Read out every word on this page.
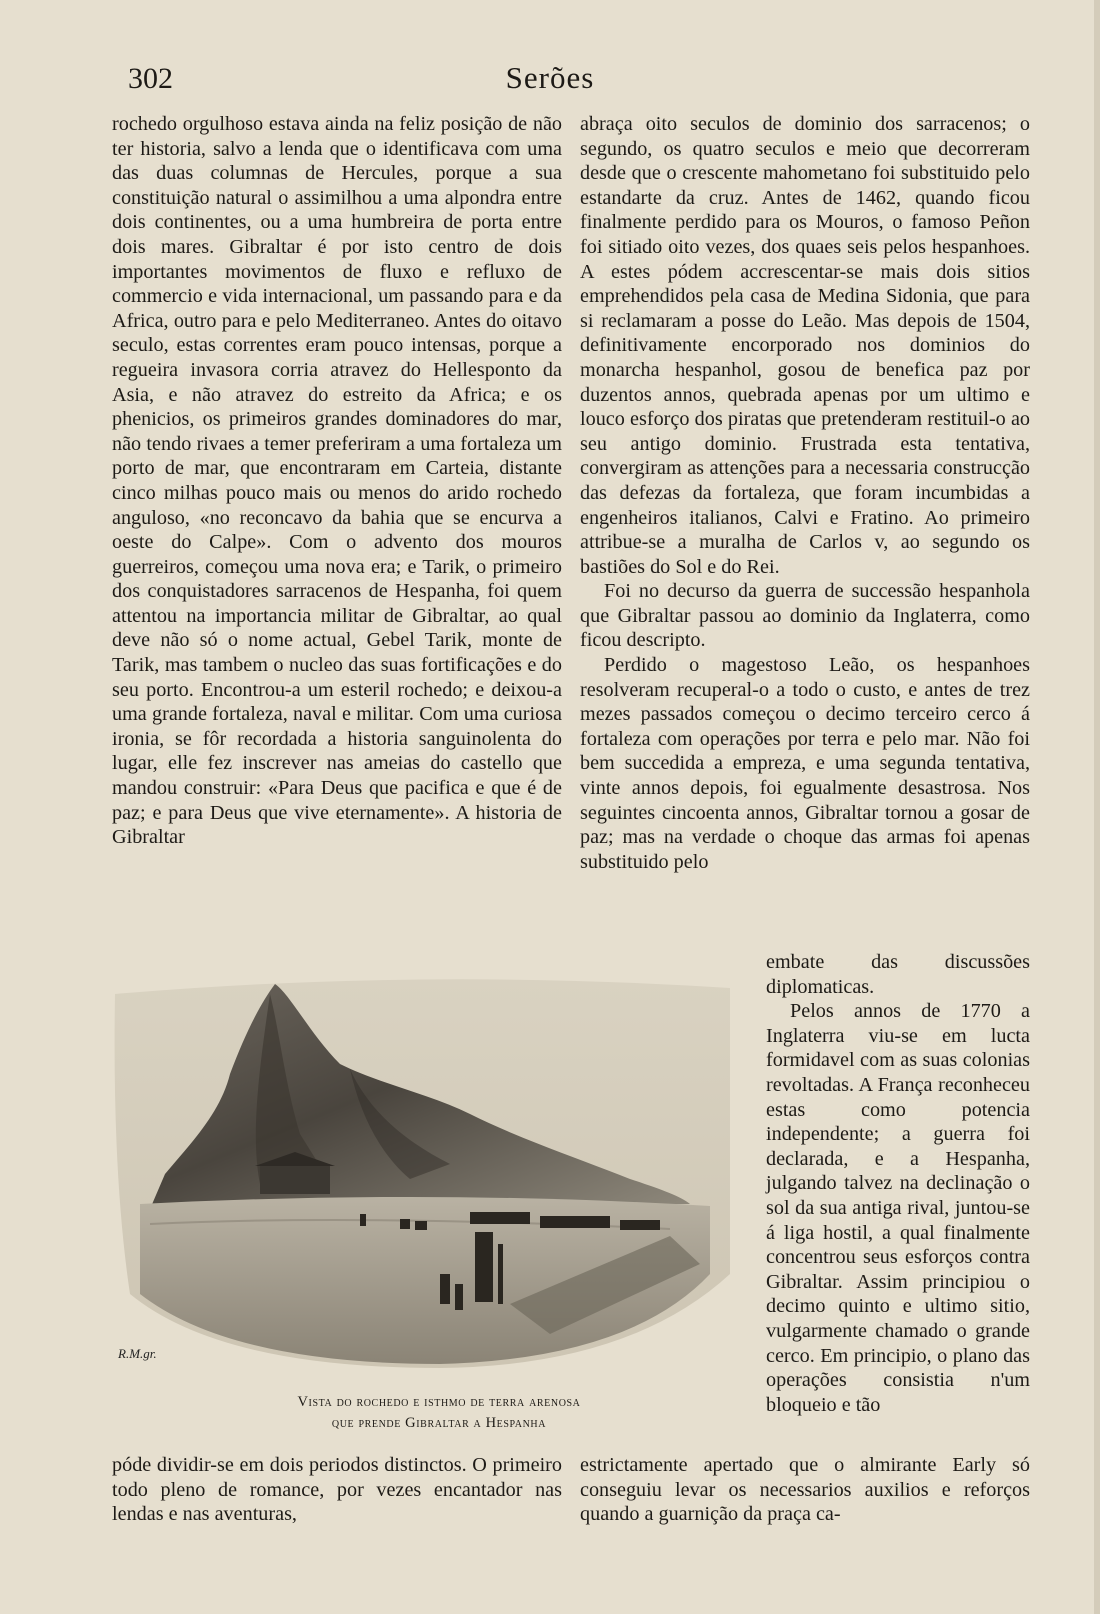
302	Serões

rochedo orgulhoso estava ainda na feliz posição de não ter historia, salvo a lenda que o identificava com uma das duas columnas de Hercules, porque a sua constituição natural o assimilhou a uma alpondra entre dois continentes, ou a uma humbreira de porta entre dois mares. Gibraltar é por isto centro de dois importantes movimentos de fluxo e refluxo de commercio e vida internacional, um passando para e da Africa, outro para e pelo Mediterraneo. Antes do oitavo seculo, estas correntes eram pouco intensas, porque a regueira invasora corria atravez do Hellesponto da Asia, e não atravez do estreito da Africa; e os phenicios, os primeiros grandes dominadores do mar, não tendo rivaes a temer preferiram a uma fortaleza um porto de mar, que encontraram em Carteia, distante cinco milhas pouco mais ou menos do arido rochedo anguloso, «no reconcavo da bahia que se encurva a oeste do Calpe». Com o advento dos mouros guerreiros, começou uma nova era; e Tarik, o primeiro dos conquistadores sarracenos de Hespanha, foi quem attentou na importancia militar de Gibraltar, ao qual deve não só o nome actual, Gebel Tarik, monte de Tarik, mas tambem o nucleo das suas fortificações e do seu porto. Encontrou-a um esteril rochedo; e deixou-a uma grande fortaleza, naval e militar. Com uma curiosa ironia, se fôr recordada a historia sanguinolenta do lugar, elle fez inscrever nas ameias do castello que mandou construir: «Para Deus que pacifica e que é de paz; e para Deus que vive eternamente». A historia de Gibraltar

abraça oito seculos de dominio dos sarracenos; o segundo, os quatro seculos e meio que decorreram desde que o crescente mahometano foi substituido pelo estandarte da cruz. Antes de 1462, quando ficou finalmente perdido para os Mouros, o famoso Peñon foi sitiado oito vezes, dos quaes seis pelos hespanhoes. A estes pódem accrescentar-se mais dois sitios emprehendidos pela casa de Medina Sidonia, que para si reclamaram a posse do Leão. Mas depois de 1504, definitivamente encorporado nos dominios do monarcha hespanhol, gosou de benefica paz por duzentos annos, quebrada apenas por um ultimo e louco esforço dos piratas que pretenderam restituil-o ao seu antigo dominio. Frustrada esta tentativa, convergiram as attenções para a necessaria construcção das defezas da fortaleza, que foram incumbidas a engenheiros italianos, Calvi e Fratino. Ao primeiro attribue-se a muralha de Carlos v, ao segundo os bastiões do Sol e do Rei.

Foi no decurso da guerra de successão hespanhola que Gibraltar passou ao dominio da Inglaterra, como ficou descripto.

Perdido o magestoso Leão, os hespanhoes resolveram recuperal-o a todo o custo, e antes de trez mezes passados começou o decimo terceiro cerco á fortaleza com operações por terra e pelo mar. Não foi bem succedida a empreza, e uma segunda tentativa, vinte annos depois, foi egualmente desastrosa. Nos seguintes cincoenta annos, Gibraltar tornou a gosar de paz; mas na verdade o choque das armas foi apenas substituido pelo

embate das discussões diplomaticas.

Pelos annos de 1770 a Inglaterra viu-se em lucta formidavel com as suas colonias revoltadas. A França reconheceu estas como potencia independente; a guerra foi declarada, e a Hespanha, julgando talvez na declinação o sol da sua antiga rival, juntou-se á liga hostil, a qual finalmente concentrou seus esforços contra Gibraltar. Assim principiou o decimo quinto e ultimo sitio, vulgarmente chamado o grande cerco. Em principio, o plano das operações consistia n'um bloqueio e tão

R.M.gr.
Vista do rochedo e isthmo de terra arenosa
que prende Gibraltar a Hespanha

póde dividir-se em dois periodos distinctos. O primeiro todo pleno de romance, por vezes encantador nas lendas e nas aventuras,

estrictamente apertado que o almirante Early só conseguiu levar os necessarios auxilios e reforços quando a guarnição da praça ca-
